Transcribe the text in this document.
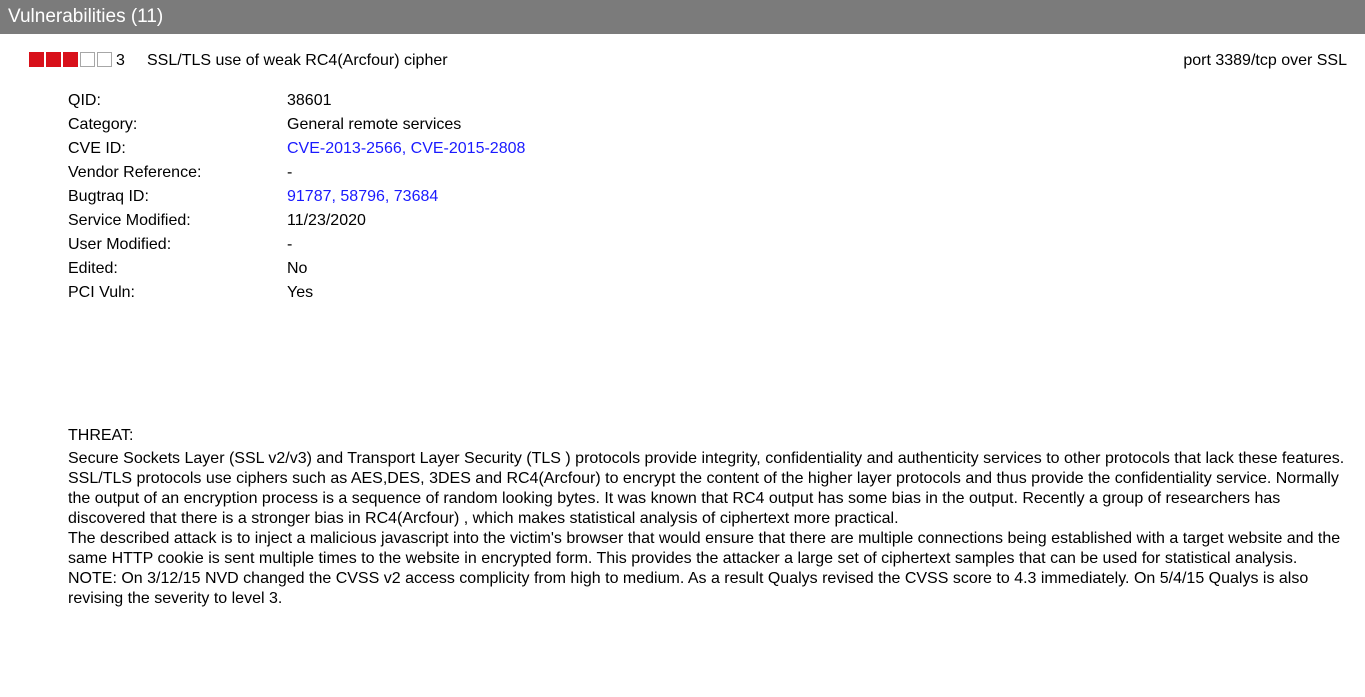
Vulnerabilities (11)
3 SSL/TLS use of weak RC4(Arcfour) cipher	port 3389/tcp over SSL
QID:	38601
Category:	General remote services
CVE ID:	CVE-2013-2566, CVE-2015-2808
Vendor Reference:	-
Bugtraq ID:	91787, 58796, 73684
Service Modified:	11/23/2020
User Modified:	-
Edited:	No
PCI Vuln:	Yes
THREAT:

Secure Sockets Layer (SSL v2/v3) and Transport Layer Security (TLS ) protocols provide integrity, confidentiality and authenticity services to other protocols that lack these features.

SSL/TLS protocols use ciphers such as AES,DES, 3DES and RC4(Arcfour) to encrypt the content of the higher layer protocols and thus provide the confidentiality service. Normally the output of an encryption process is a sequence of random looking bytes. It was known that RC4 output has some bias in the output. Recently a group of researchers has discovered that there is a stronger bias in RC4(Arcfour) , which makes statistical analysis of ciphertext more practical.

The described attack is to inject a malicious javascript into the victim's browser that would ensure that there are multiple connections being established with a target website and the same HTTP cookie is sent multiple times to the website in encrypted form. This provides the attacker a large set of ciphertext samples that can be used for statistical analysis.

NOTE: On 3/12/15 NVD changed the CVSS v2 access complicity from high to medium. As a result Qualys revised the CVSS score to 4.3 immediately. On 5/4/15 Qualys is also revising the severity to level 3.
